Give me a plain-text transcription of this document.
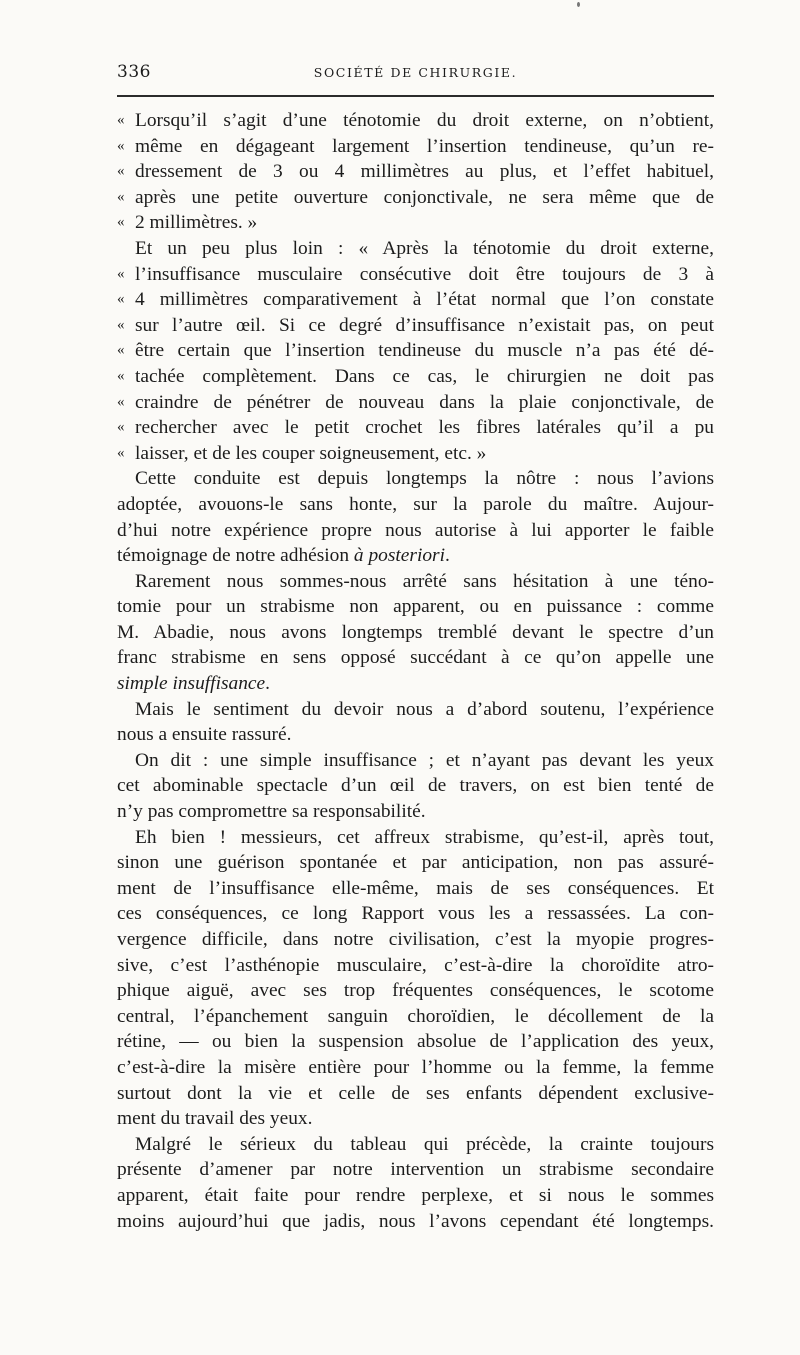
336	SOCIÉTÉ DE CHIRURGIE.
« Lorsqu’il s’agit d’une ténotomie du droit externe, on n’obtient,
« même en dégageant largement l’insertion tendineuse, qu’un re-
« dressement de 3 ou 4 millimètres au plus, et l’effet habituel,
« après une petite ouverture conjonctivale, ne sera même que de
« 2 millimètres. »
Et un peu plus loin : « Après la ténotomie du droit externe,
« l’insuffisance musculaire consécutive doit être toujours de 3 à
« 4 millimètres comparativement à l’état normal que l’on constate
« sur l’autre œil. Si ce degré d’insuffisance n’existait pas, on peut
« être certain que l’insertion tendineuse du muscle n’a pas été dé-
« tachée complètement. Dans ce cas, le chirurgien ne doit pas
« craindre de pénétrer de nouveau dans la plaie conjonctivale, de
« rechercher avec le petit crochet les fibres latérales qu’il a pu
« laisser, et de les couper soigneusement, etc. »
Cette conduite est depuis longtemps la nôtre : nous l’avions
adoptée, avouons-le sans honte, sur la parole du maître. Aujour-
d’hui notre expérience propre nous autorise à lui apporter le faible
témoignage de notre adhésion à posteriori.
Rarement nous sommes-nous arrêté sans hésitation à une téno-
tomie pour un strabisme non apparent, ou en puissance : comme
M. Abadie, nous avons longtemps tremblé devant le spectre d’un
franc strabisme en sens opposé succédant à ce qu’on appelle une
simple insuffisance.
Mais le sentiment du devoir nous a d’abord soutenu, l’expérience
nous a ensuite rassuré.
On dit : une simple insuffisance ; et n’ayant pas devant les yeux
cet abominable spectacle d’un œil de travers, on est bien tenté de
n’y pas compromettre sa responsabilité.
Eh bien ! messieurs, cet affreux strabisme, qu’est-il, après tout,
sinon une guérison spontanée et par anticipation, non pas assuré-
ment de l’insuffisance elle-même, mais de ses conséquences. Et
ces conséquences, ce long Rapport vous les a ressassées. La con-
vergence difficile, dans notre civilisation, c’est la myopie progres-
sive, c’est l’asthénopie musculaire, c’est-à-dire la choroïdite atro-
phique aiguë, avec ses trop fréquentes conséquences, le scotome
central, l’épanchement sanguin choroïdien, le décollement de la
rétine, — ou bien la suspension absolue de l’application des yeux,
c’est-à-dire la misère entière pour l’homme ou la femme, la femme
surtout dont la vie et celle de ses enfants dépendent exclusive-
ment du travail des yeux.
Malgré le sérieux du tableau qui précède, la crainte toujours
présente d’amener par notre intervention un strabisme secondaire
apparent, était faite pour rendre perplexe, et si nous le sommes
moins aujourd’hui que jadis, nous l’avons cependant été longtemps.
